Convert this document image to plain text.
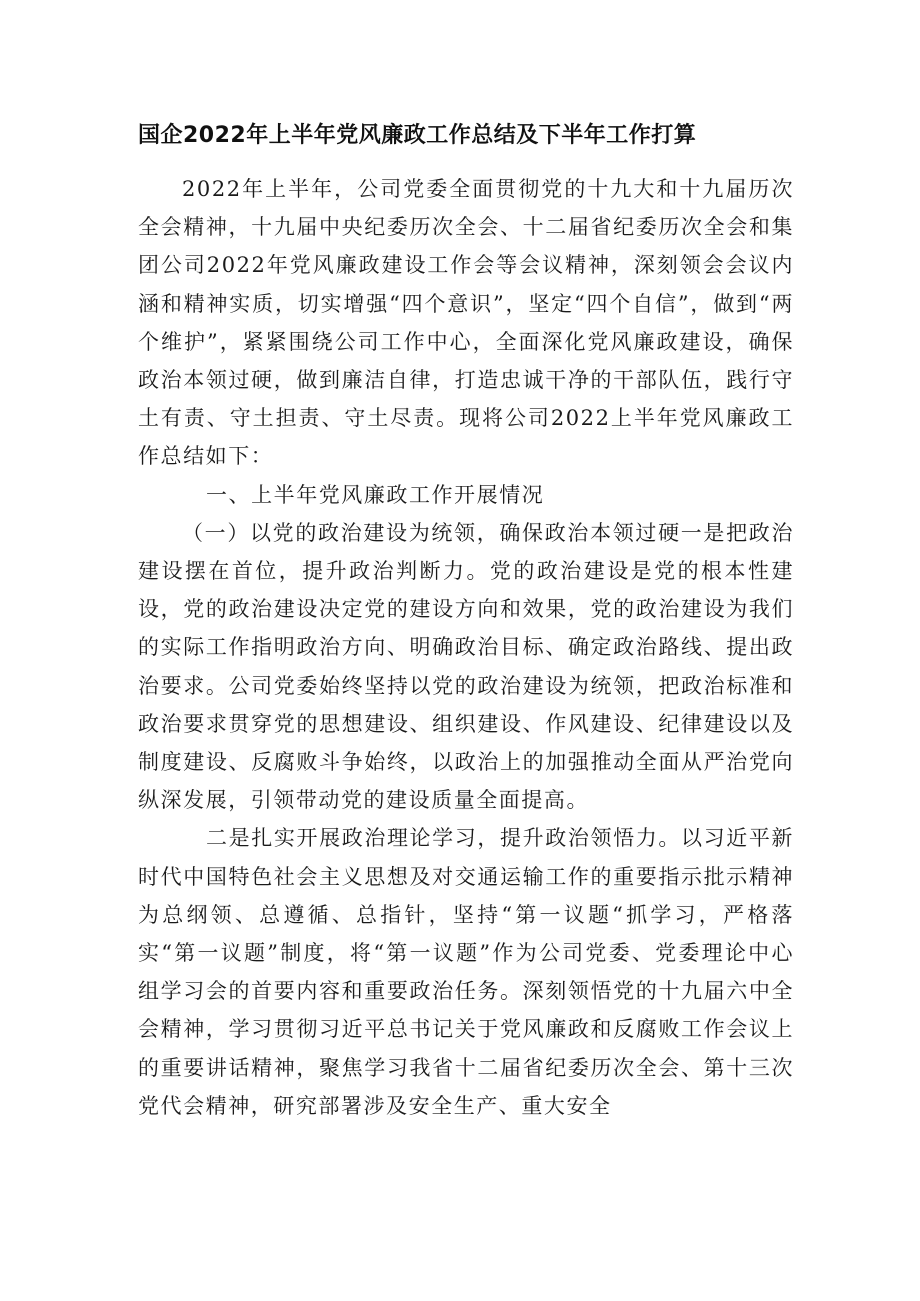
国企2022年上半年党风廉政工作总结及下半年工作打算

2022年上半年，公司党委全面贯彻党的十九大和十九届历次全会精神，十九届中央纪委历次全会、十二届省纪委历次全会和集团公司2022年党风廉政建设工作会等会议精神，深刻领会会议内涵和精神实质，切实增强“四个意识”，坚定“四个自信”，做到“两个维护”，紧紧围绕公司工作中心，全面深化党风廉政建设，确保政治本领过硬，做到廉洁自律，打造忠诚干净的干部队伍，践行守土有责、守土担责、守土尽责。现将公司2022上半年党风廉政工作总结如下：

一、上半年党风廉政工作开展情况

（一）以党的政治建设为统领，确保政治本领过硬一是把政治建设摆在首位，提升政治判断力。党的政治建设是党的根本性建设，党的政治建设决定党的建设方向和效果，党的政治建设为我们的实际工作指明政治方向、明确政治目标、确定政治路线、提出政治要求。公司党委始终坚持以党的政治建设为统领，把政治标准和政治要求贯穿党的思想建设、组织建设、作风建设、纪律建设以及制度建设、反腐败斗争始终，以政治上的加强推动全面从严治党向纵深发展，引领带动党的建设质量全面提高。

二是扎实开展政治理论学习，提升政治领悟力。以习近平新时代中国特色社会主义思想及对交通运输工作的重要指示批示精神为总纲领、总遵循、总指针，坚持“第一议题“抓学习，严格落实“第一议题”制度，将“第一议题”作为公司党委、党委理论中心组学习会的首要内容和重要政治任务。深刻领悟党的十九届六中全会精神，学习贯彻习近平总书记关于党风廉政和反腐败工作会议上的重要讲话精神，聚焦学习我省十二届省纪委历次全会、第十三次党代会精神，研究部署涉及安全生产、重大安全
